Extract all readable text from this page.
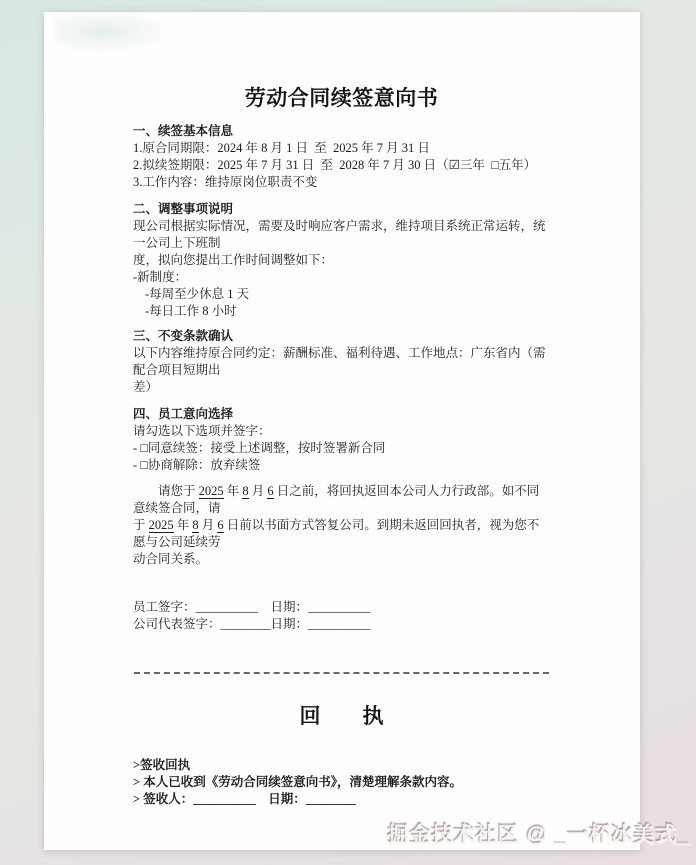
劳动合同续签意向书
一、续签基本信息
1.原合同期限：2024 年 8 月 1 日  至  2025 年 7 月 31 日
2.拟续签期限：2025 年 7 月 31 日  至  2028 年 7 月 30 日（☑三年  □五年）
3.工作内容：维持原岗位职责不变
二、调整事项说明
现公司根据实际情况，需要及时响应客户需求，维持项目系统正常运转，统一公司上下班制
度，拟向您提出工作时间调整如下：
-新制度：
-每周至少休息 1 天
-每日工作 8 小时
三、不变条款确认
以下内容维持原合同约定：薪酬标准、福利待遇、工作地点：广东省内（需配合项目短期出
差）
四、员工意向选择
请勾选以下选项并签字：
- □同意续签：接受上述调整，按时签署新合同
- □协商解除：放弃续签
　　请您于 2025 年 8 月 6 日之前，将回执返回本公司人力行政部。如不同意续签合同，请
于 2025 年 8 月 6 日前以书面方式答复公司。到期未返回回执者，视为您不愿与公司延续劳
动合同关系。
员工签字：__________　日期：__________
公司代表签字：________日期：__________
回　　执
>签收回执
> 本人已收到《劳动合同续签意向书》，清楚理解条款内容。
> 签收人：__________　日期：________
掘金技术社区 @ _一杯冰美式_
